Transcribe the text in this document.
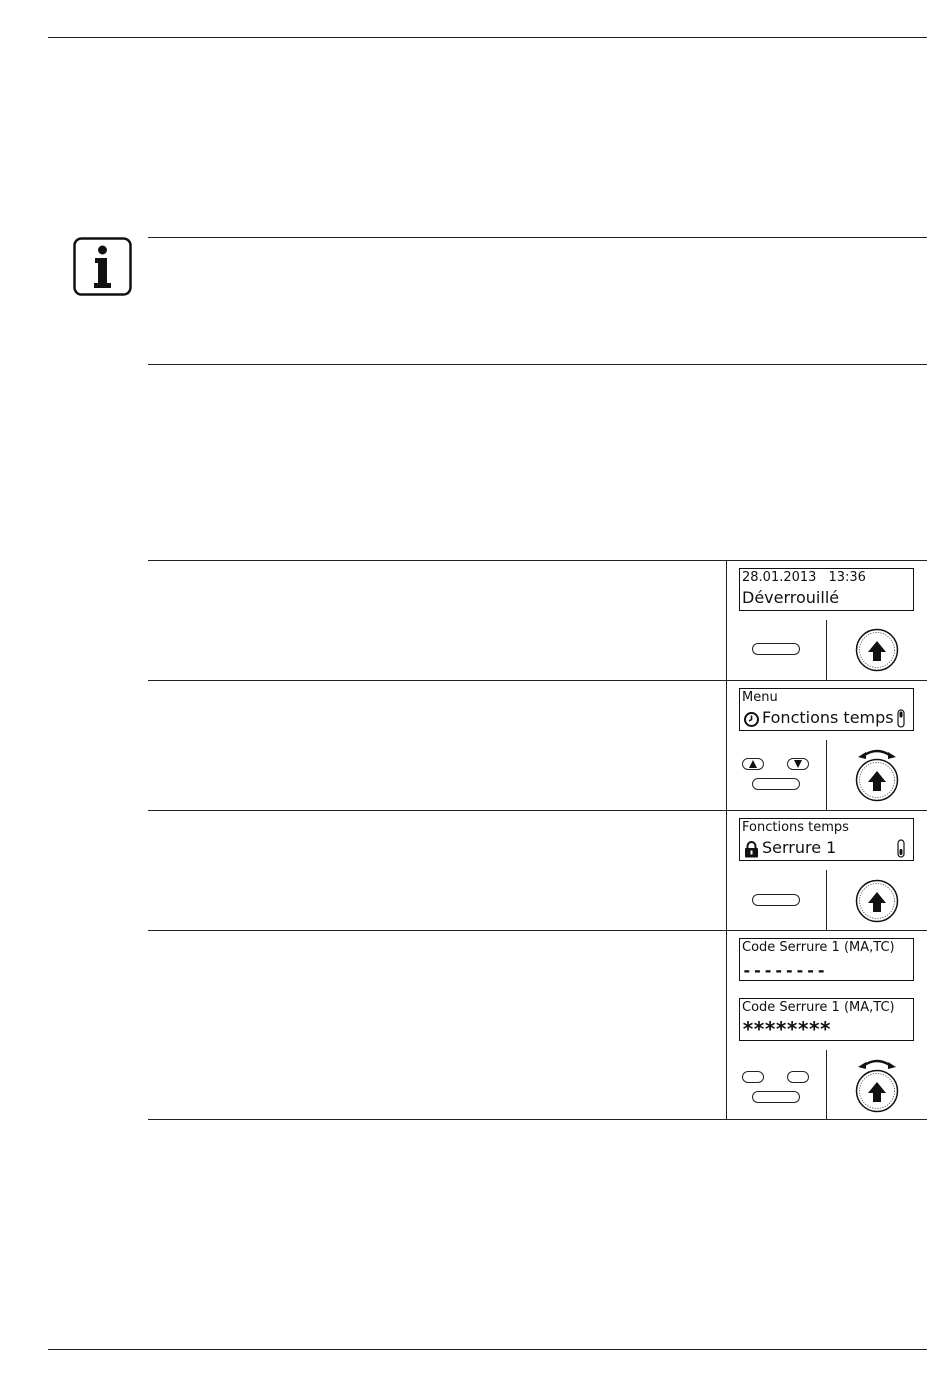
28.01.2013 13:36
Déverrouillé
Menu
Fonctions temps
Fonctions temps
Serrure 1
Code Serrure 1 (MA,TC)
--------
Code Serrure 1 (MA,TC)
********
